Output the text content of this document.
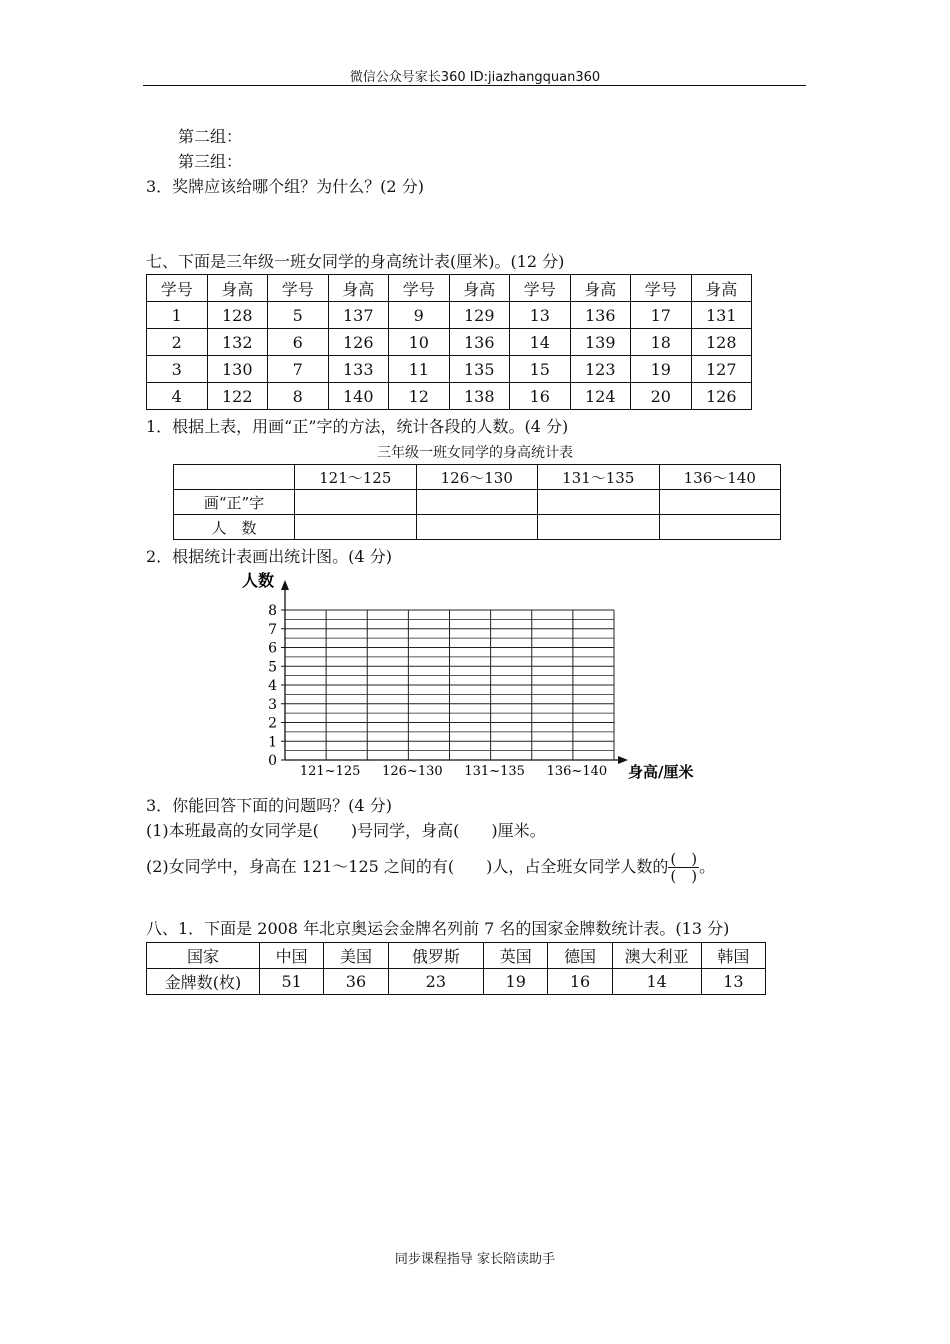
微信公众号家长360 ID:jiazhangquan360
第二组：
第三组：
3．奖牌应该给哪个组？为什么？(2 分)
七、下面是三年级一班女同学的身高统计表(厘米)。(12 分)
学号	身高	学号	身高	学号	身高	学号	身高	学号	身高
1	128	5	137	9	129	13	136	17	131
2	132	6	126	10	136	14	139	18	128
3	130	7	133	11	135	15	123	19	127
4	122	8	140	12	138	16	124	20	126
1．根据上表，用画“正”字的方法，统计各段的人数。(4 分)
三年级一班女同学的身高统计表
	121～125	126～130	131～135	136～140
画“正”字				
人　数				
2．根据统计表画出统计图。(4 分)
人数
0
1
2
3
4
5
6
7
8
121~125 126~130 131~135 136~140 身高/厘米
3．你能回答下面的问题吗？(4 分)
(1)本班最高的女同学是(　　)号同学，身高(　　)厘米。
(2)女同学中，身高在 121～125 之间的有(　　)人，占全班女同学人数的 $\frac{( )}{( )}$ 。
八、1．下面是 2008 年北京奥运会金牌名列前 7 名的国家金牌数统计表。(13 分)
国家	中国	美国	俄罗斯	英国	德国	澳大利亚	韩国
金牌数(枚)	51	36	23	19	16	14	13
同步课程指导 家长陪读助手
